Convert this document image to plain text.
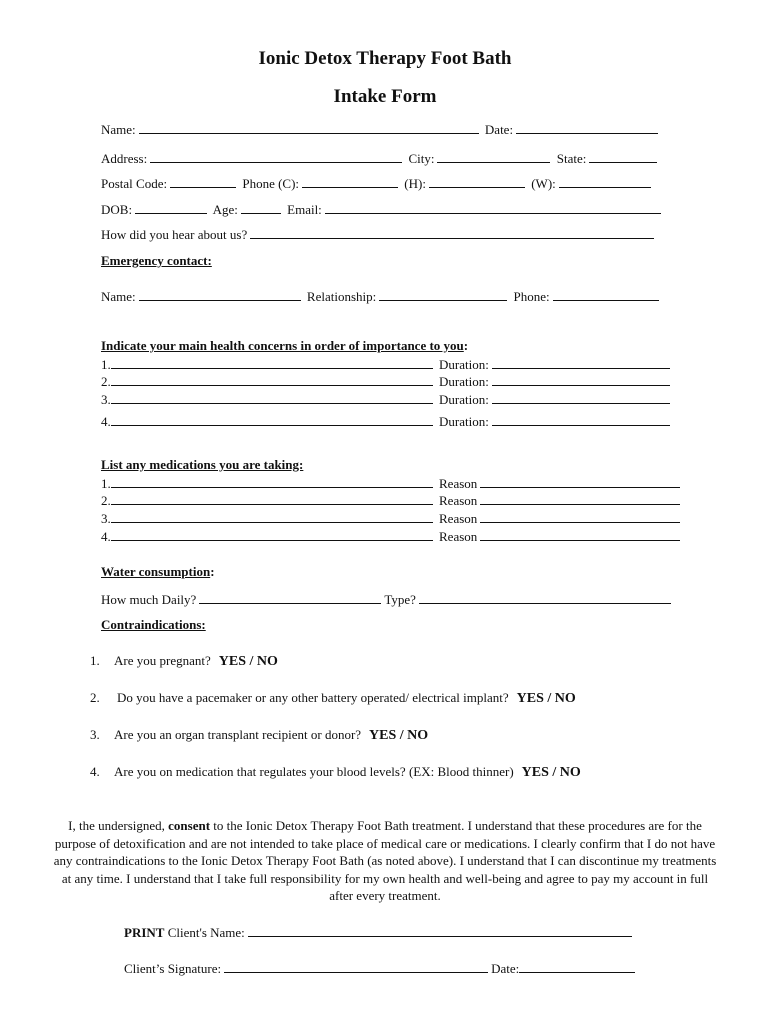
Ionic Detox Therapy Foot Bath
Intake Form
Name:	Date:
Address:	City:	State:
Postal Code:	Phone (C):	(H):	(W):
DOB:	Age:	Email:
How did you hear about us?
Emergency contact:
Name:	Relationship:	Phone:
Indicate your main health concerns in order of importance to you:
1.	Duration:
2.	Duration:
3.	Duration:
4.	Duration:
List any medications you are taking:
1.	Reason
2.	Reason
3.	Reason
4.	Reason
Water consumption:
How much Daily?	Type?
Contraindications:
1. Are you pregnant? YES / NO
2. Do you have a pacemaker or any other battery operated/ electrical implant? YES / NO
3. Are you an organ transplant recipient or donor? YES / NO
4. Are you on medication that regulates your blood levels? (EX: Blood thinner) YES / NO
I, the undersigned, consent to the Ionic Detox Therapy Foot Bath treatment. I understand that these procedures are for the purpose of detoxification and are not intended to take place of medical care or medications. I clearly confirm that I do not have any contraindications to the Ionic Detox Therapy Foot Bath (as noted above). I understand that I can discontinue my treatments at any time. I understand that I take full responsibility for my own health and well-being and agree to pay my account in full after every treatment.
PRINT Client's Name:
Client’s Signature:	Date:
